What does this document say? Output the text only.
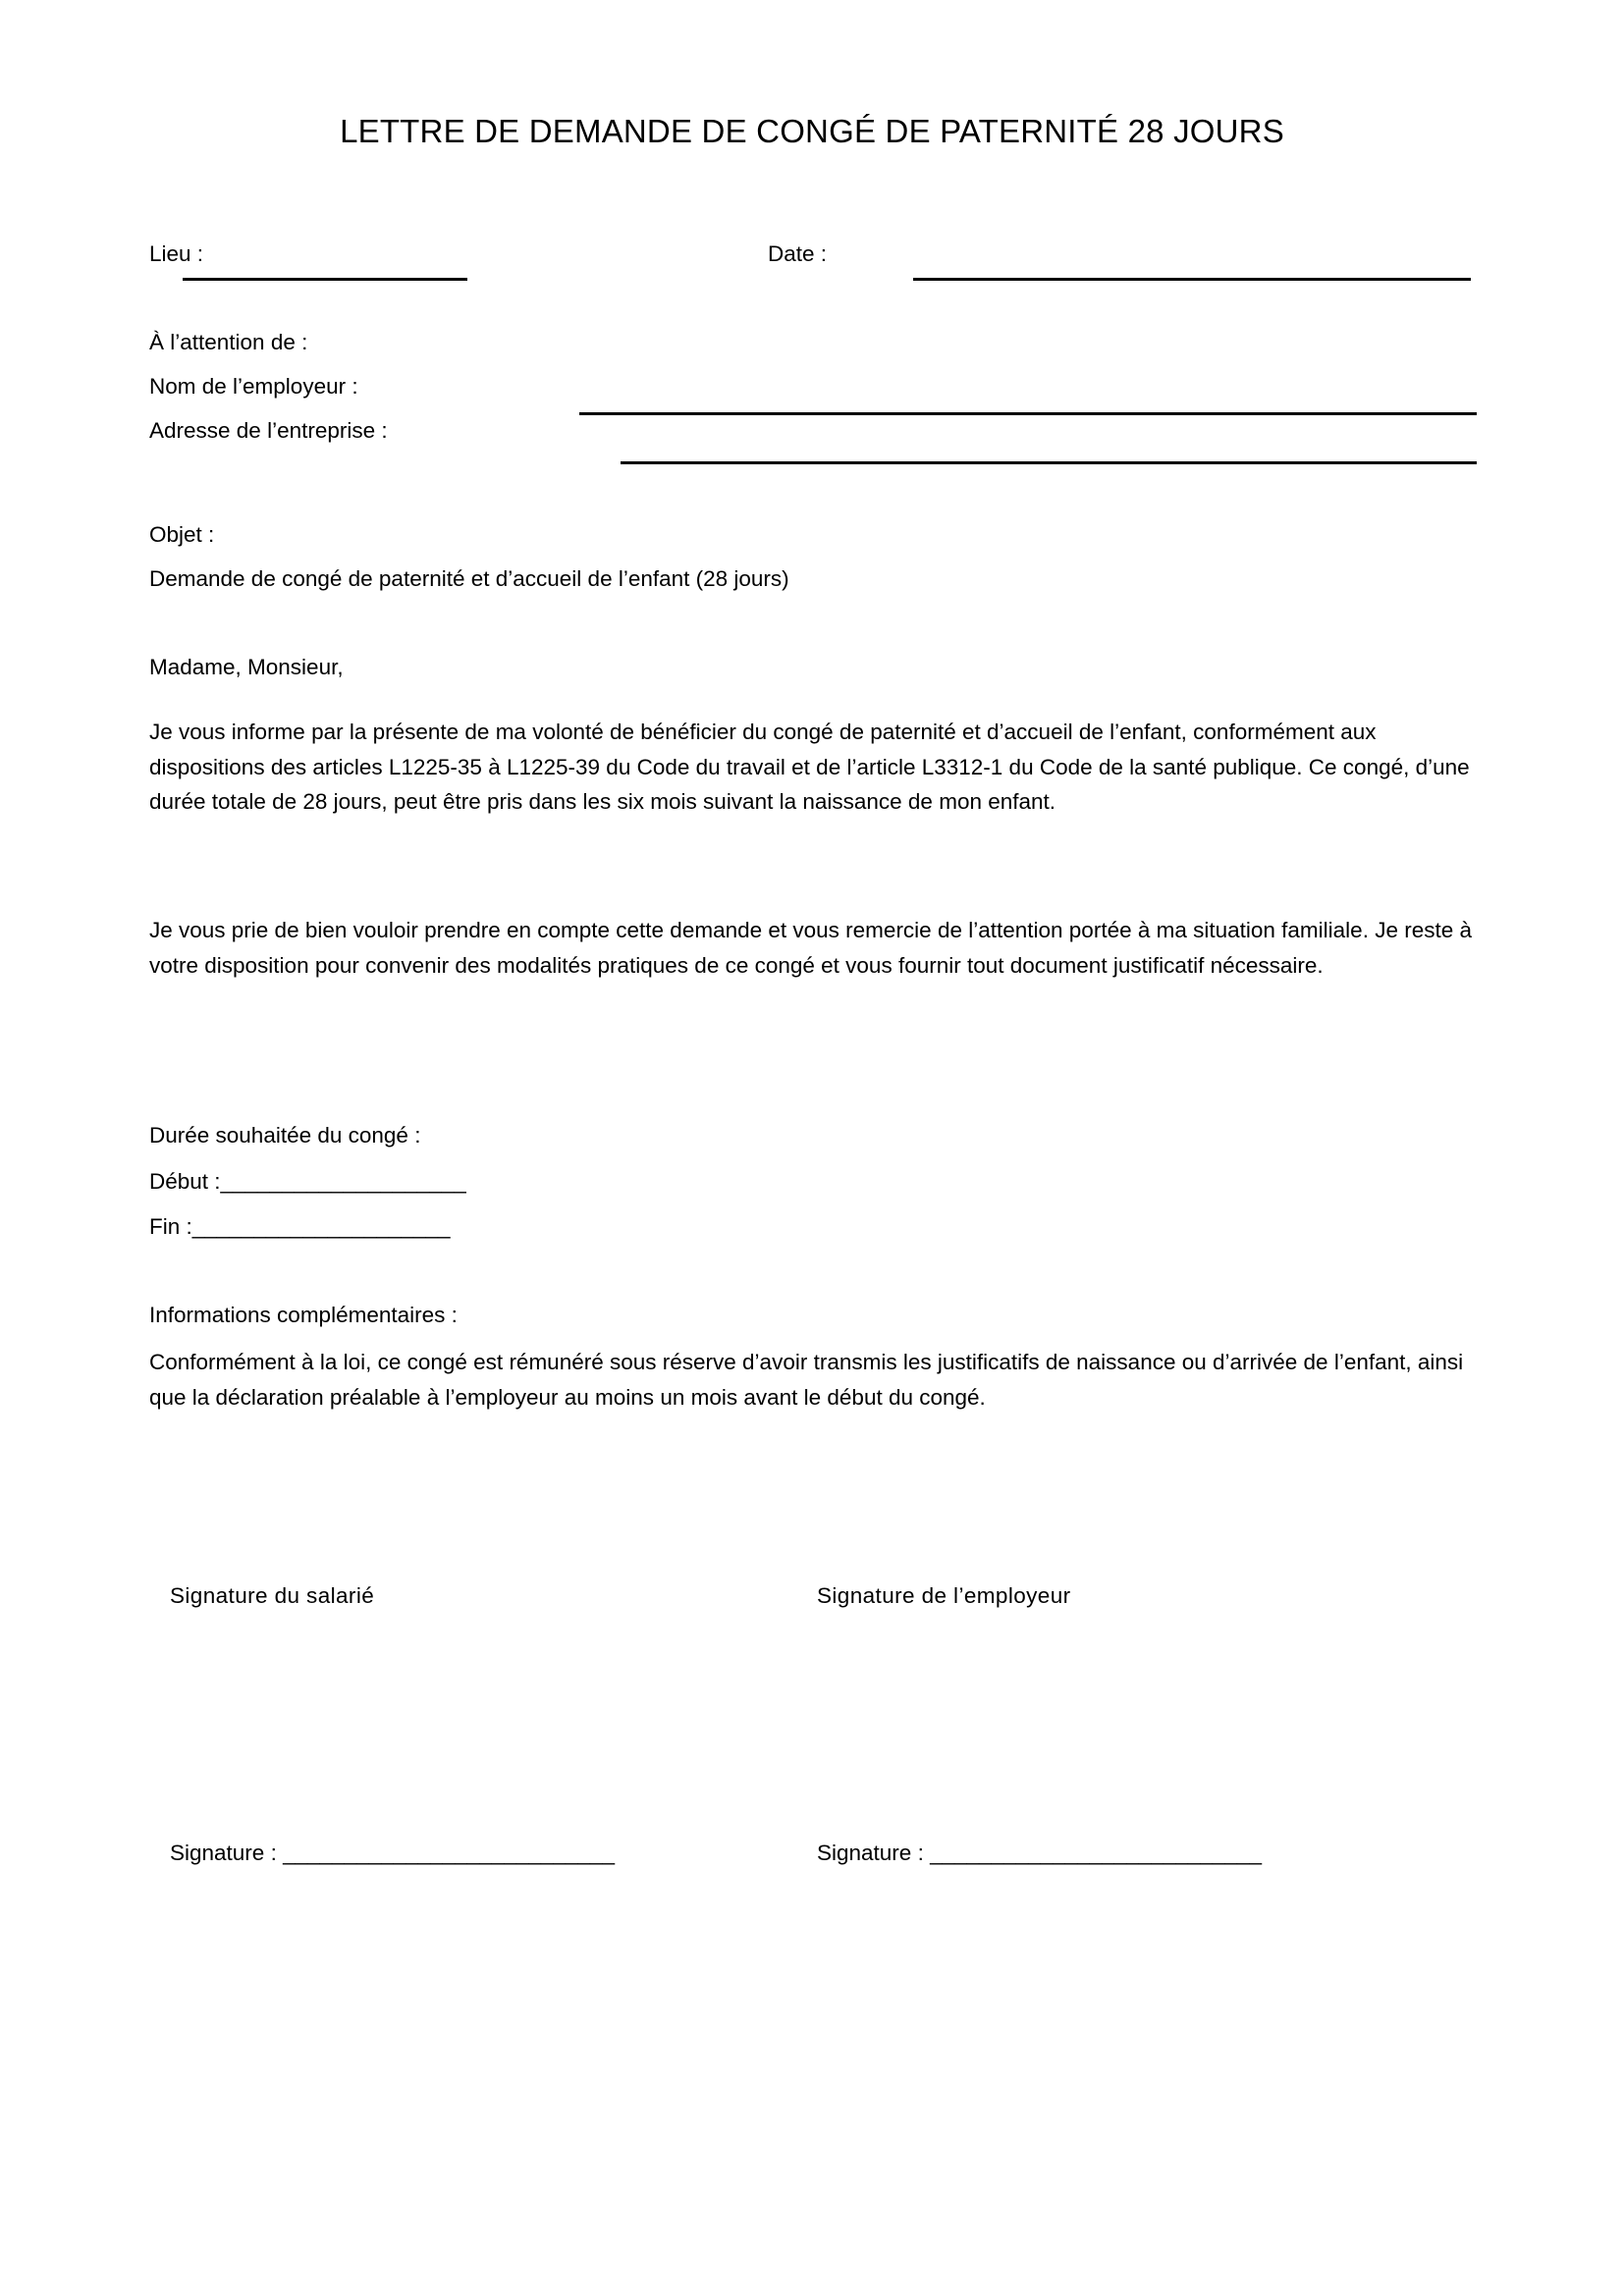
LETTRE DE DEMANDE DE CONGÉ DE PATERNITÉ 28 JOURS
Lieu :	Date :
À l’attention de :
Nom de l’employeur :
Adresse de l’entreprise :
Objet :
Demande de congé de paternité et d’accueil de l’enfant (28 jours)
Madame, Monsieur,
Je vous informe par la présente de ma volonté de bénéficier du congé de paternité et d’accueil de l’enfant, conformément aux dispositions des articles L1225-35 à L1225-39 du Code du travail et de l’article L3312-1 du Code de la santé publique. Ce congé, d’une durée totale de 28 jours, peut être pris dans les six mois suivant la naissance de mon enfant.
Je vous prie de bien vouloir prendre en compte cette demande et vous remercie de l’attention portée à ma situation familiale. Je reste à votre disposition pour convenir des modalités pratiques de ce congé et vous fournir tout document justificatif nécessaire.
Durée souhaitée du congé :
Début :____________________
Fin :_____________________
Informations complémentaires :
Conformément à la loi, ce congé est rémunéré sous réserve d’avoir transmis les justificatifs de naissance ou d’arrivée de l’enfant, ainsi que la déclaration préalable à l’employeur au moins un mois avant le début du congé.
Signature du salarié	Signature de l’employeur
Signature : ___________________________	Signature : ___________________________
